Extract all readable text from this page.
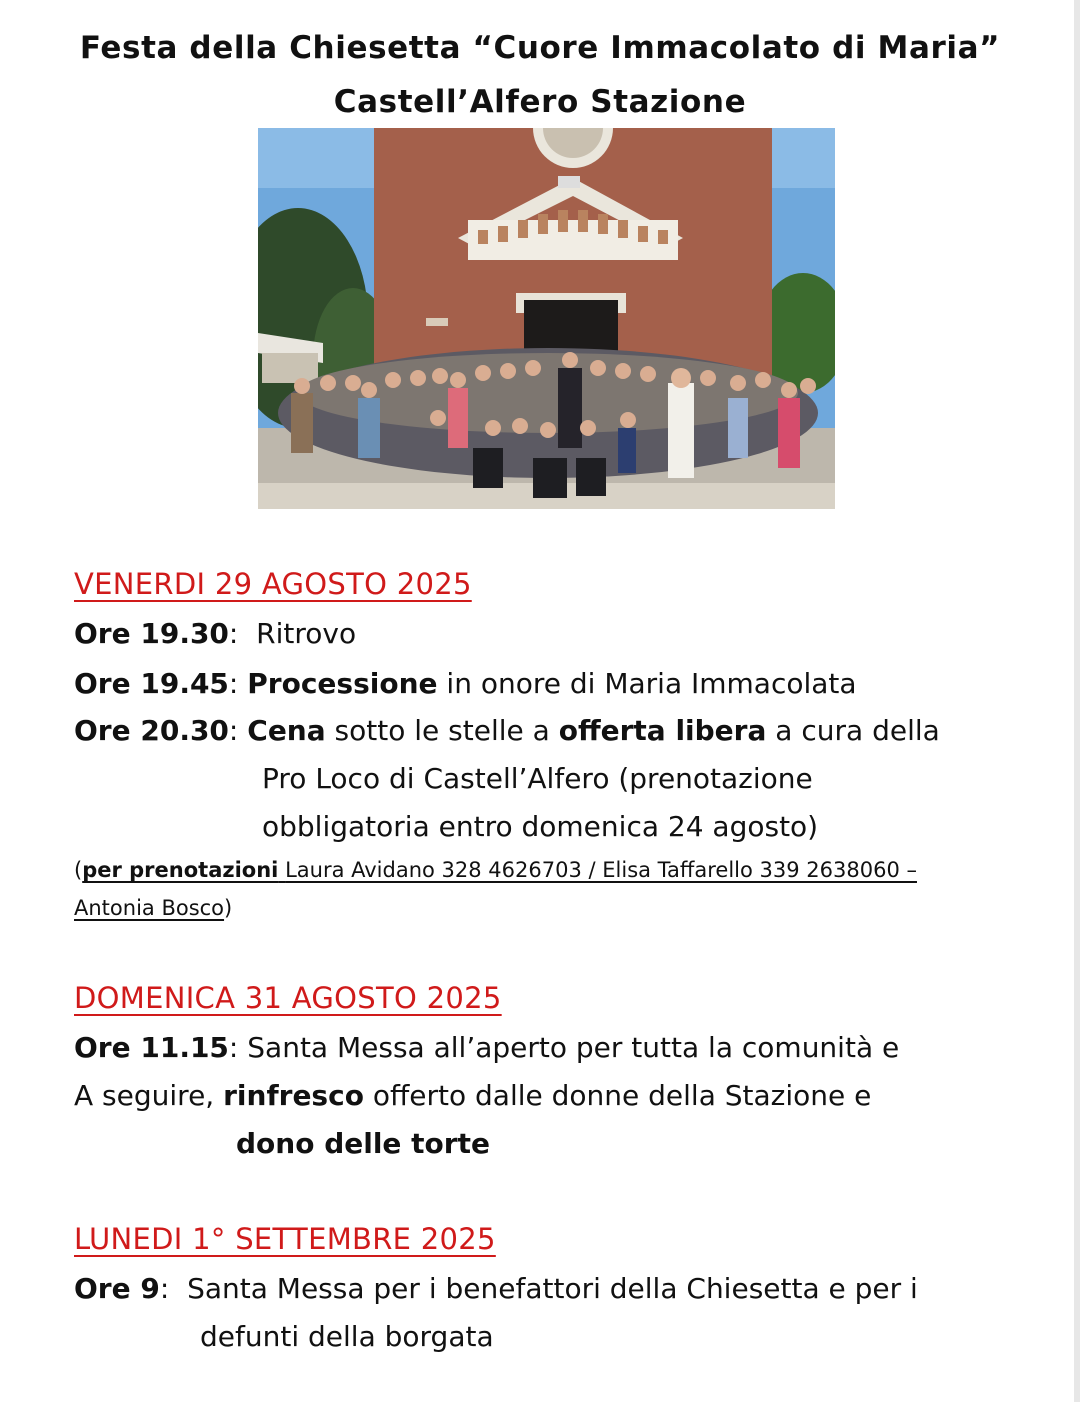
Festa della Chiesetta “Cuore Immacolato di Maria”
Castell’Alfero Stazione
VENERDI 29 AGOSTO 2025
Ore 19.30:  Ritrovo
Ore 19.45: Processione in onore di Maria Immacolata
Ore 20.30: Cena sotto le stelle a offerta libera a cura della
Pro Loco di Castell’Alfero (prenotazione
obbligatoria entro domenica 24 agosto)
(per prenotazioni Laura Avidano 328 4626703 / Elisa Taffarello 339 2638060 –
Antonia Bosco)
DOMENICA 31 AGOSTO 2025
Ore 11.15: Santa Messa all’aperto per tutta la comunità e
A seguire, rinfresco offerto dalle donne della Stazione e
dono delle torte
LUNEDI 1° SETTEMBRE 2025
Ore 9:  Santa Messa per i benefattori della Chiesetta e per i
defunti della borgata
